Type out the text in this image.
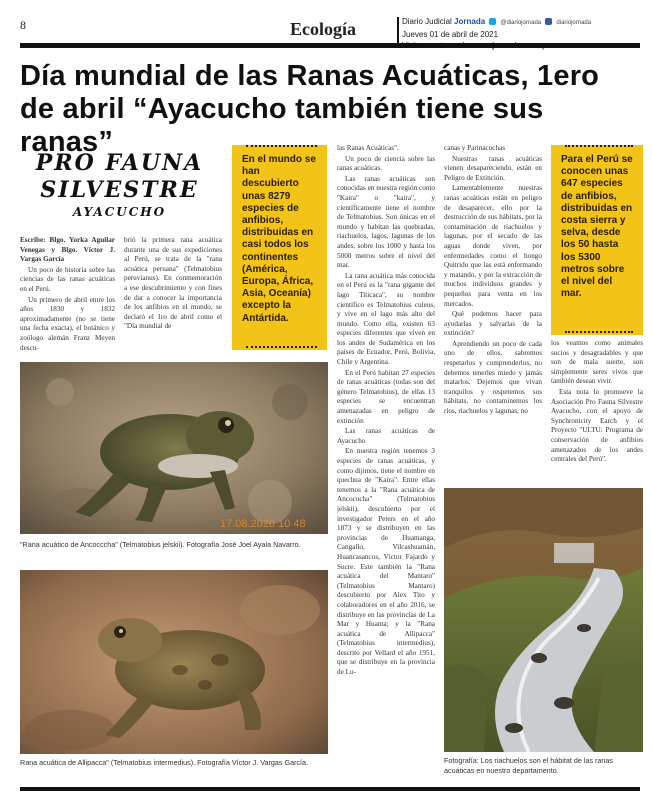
8	Ecología	Diario Judicial Jornada	@diariojornada	diariojornada
Jueves 01 de abril de 2021
Día mundial de las Ranas Acuáticas, 1ero de abril “Ayacucho también tiene sus ranas”
PRO FAUNA
SILVESTRE
AYACUCHO
En el mundo se han descubierto unas 8279 especies de anfibios, distribuidas en casi todos los continentes (América, Europa, África, Asia, Oceanía) excepto la Antártida.
Para el Perú se conocen unas 647 especies de anfibios, distribuidas en costa sierra y selva, desde los 50 hasta los 5300 metros sobre el nivel del mar.

Escribe: Blgo. Yorka Aguilar Venegas y Blgo. Víctor J. Vargas García

Un poco de historia sobre las ciencias de las ranas acuáticas en el Perú.

Un primero de abril entre los años 1830 y 1832 aproximadamente (no se tiene una fecha exacta), el botánico y zoólogo alemán Franz Meyen descu-

brió la primera rana acuática durante una de sus expediciones al Perú, se trata de la "rana acuática peruana" (Telmatobius peruvianus). En conmemoración a ese descubrimiento y con fines de dar a conocer la importancia de los anfibios en el mundo, se declaró el 1ro de abril como el "Día mundial de

las Ranas Acuáticas".

Un poco de ciencia sobre las ranas acuáticas.

Las ranas acuáticas son conocidas en nuestra región como "Kaira" o "kaira", y científicamente tiene el nombre de Telmatobius. Son únicas en el mundo y habitan las quebradas, riachuelos, lagos, lagunas de los andes, sobre los 1000 y hasta los 5000 metros sobre el nivel del mar.

La rana acuática más conocida en el Perú es la "rana gigante del lago Titicaca", su nombre científico es Telmatobius culeus, y vive en el lago más alto del mundo. Como ella, existen 63 especies diferentes que viven en los andes de Sudamérica en los países de Ecuador, Perú, Bolivia, Chile y Argentina.

En el Perú habitan 27 especies de ranas acuáticas (todas son del género Telmatobius), de ellas 13 especies se encuentran amenazadas en peligro de extinción

Las ranas acuáticas de Ayacucho

En nuestra región tenemos 3 especies de ranas acuáticas, y como dijimos, tiene el nombre en quechua de "Kaira". Entre ellas tenemos a la "Rana acuática de Ancococha" (Telmatobius jelskii), descubierto por el investigador Peters en el año 1873 y se distribuyen en las provincias de Huamanga, Cangallo, Vilcashuamán, Huancasancos, Víctor Fajardo y Sucre. Este también la "Rana acuática del Mantaro" (Telmatobius Mantaro) descubierto por Alex Tito y colaboradores en el año 2016, se distribuye en las provincias de La Mar y Huanta; y la "Rana acuática de Allipacca" (Telmatobius intermedius), descrito por Vellard el año 1951, que se distribuye en la provincia de Lu-

canas y Parinacochas

Nuestras ranas acuáticas vienen desapareciendo, están en Peligro de Extinción.

Lamentablemente nuestras ranas acuáticas están en peligro de desaparecer, ello por la destrucción de sus hábitats, por la contaminación de riachuelos y lagunas, por el secado de las aguas donde viven, por enfermedades como el hongo Quitrido que las está enfermando y matando, y por la extracción de muchos individuos grandes y pequeños para venta en los mercados.

Qué podemos hacer para ayudarlas y salvarlas de la extinción?

Aprendiendo un poco de cada uno de ellos, sabremos respetarlos y comprenderlos, no debemos tenerles miedo y jamás matarlos. Dejemos que vivan tranquilos y respetemos sus hábitats, no contaminemos los ríos, riachuelos y lagunas, no

los veamos como animales sucios y desagradables y que son de mala suerte, son simplemente seres vivos que también desean vivir.

Esta nota lo promueve la Asociación Pro Fauna Silvestre Ayacucho, con el apoyo de Synchronicity Earch y el Proyecto "ULTU: Programa de conservación de anfibios amenazados de los andes centrales del Perú".

17.08.2020 10 48
"Rana acuático de Ancocccha" (Telmatobius jelskii). Fotografía José Joel Ayala Navarro.
Rana acuática de Allipacca" (Telmatobius intermedius). Fotografía Víctor J. Vargas García.	Fotografía: Los riachuelos son el hábitat de las ranas acuáticas en nuestro departamento.
